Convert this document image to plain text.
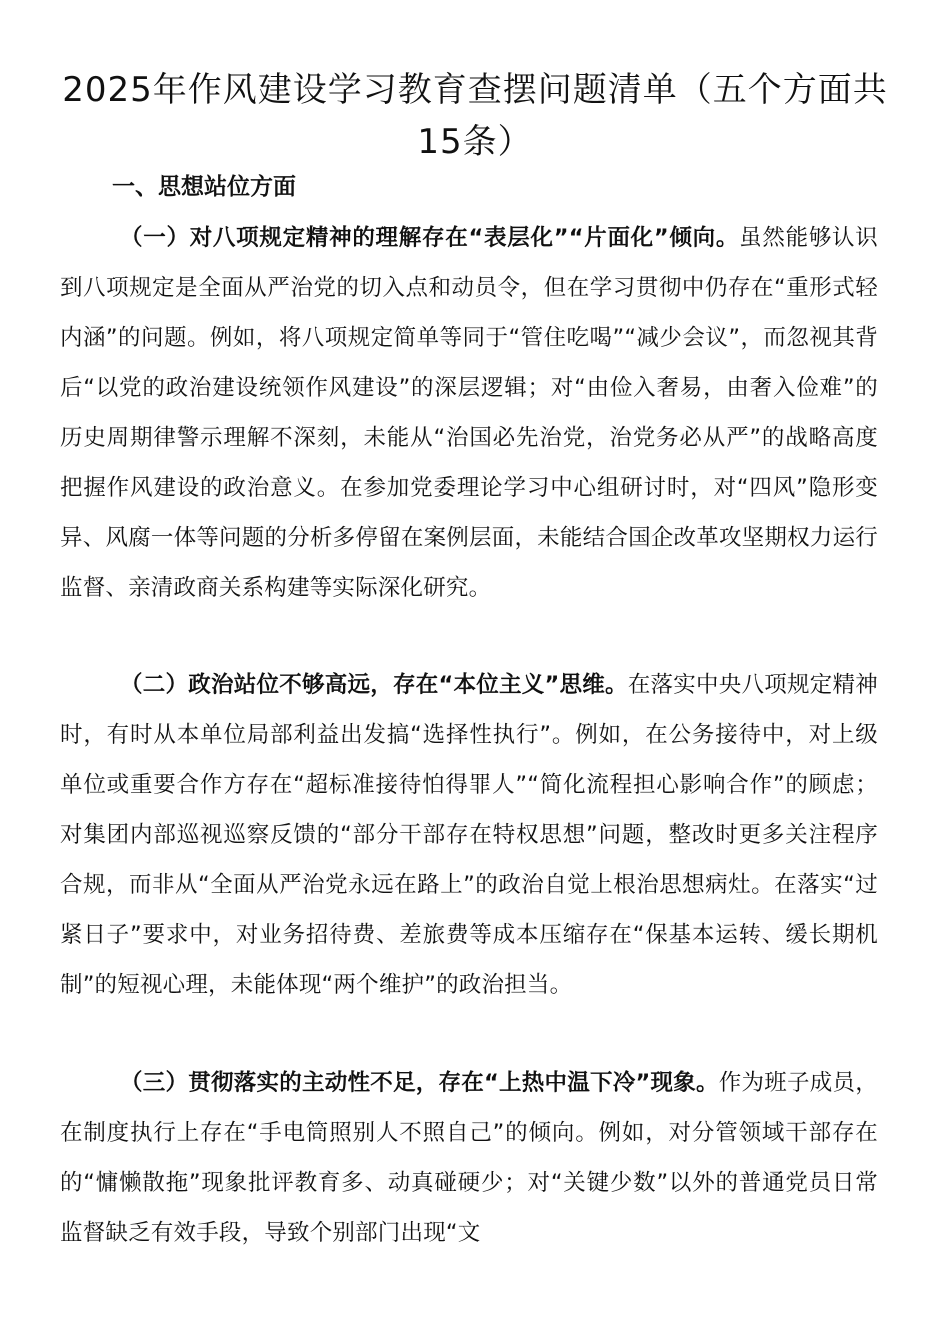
2025年作风建设学习教育查摆问题清单（五个方面共15条）
一、思想站位方面

（一）对八项规定精神的理解存在“表层化”“片面化”倾向。虽然能够认识到八项规定是全面从严治党的切入点和动员令，但在学习贯彻中仍存在“重形式轻内涵”的问题。例如，将八项规定简单等同于“管住吃喝”“减少会议”，而忽视其背后“以党的政治建设统领作风建设”的深层逻辑；对“由俭入奢易，由奢入俭难”的历史周期律警示理解不深刻，未能从“治国必先治党，治党务必从严”的战略高度把握作风建设的政治意义。在参加党委理论学习中心组研讨时，对“四风”隐形变异、风腐一体等问题的分析多停留在案例层面，未能结合国企改革攻坚期权力运行监督、亲清政商关系构建等实际深化研究。

（二）政治站位不够高远，存在“本位主义”思维。在落实中央八项规定精神时，有时从本单位局部利益出发搞“选择性执行”。例如，在公务接待中，对上级单位或重要合作方存在“超标准接待怕得罪人”“简化流程担心影响合作”的顾虑；对集团内部巡视巡察反馈的“部分干部存在特权思想”问题，整改时更多关注程序合规，而非从“全面从严治党永远在路上”的政治自觉上根治思想病灶。在落实“过紧日子”要求中，对业务招待费、差旅费等成本压缩存在“保基本运转、缓长期机制”的短视心理，未能体现“两个维护”的政治担当。

（三）贯彻落实的主动性不足，存在“上热中温下冷”现象。作为班子成员，在制度执行上存在“手电筒照别人不照自己”的倾向。例如，对分管领域干部存在的“慵懒散拖”现象批评教育多、动真碰硬少；对“关键少数”以外的普通党员日常监督缺乏有效手段，导致个别部门出现“文
